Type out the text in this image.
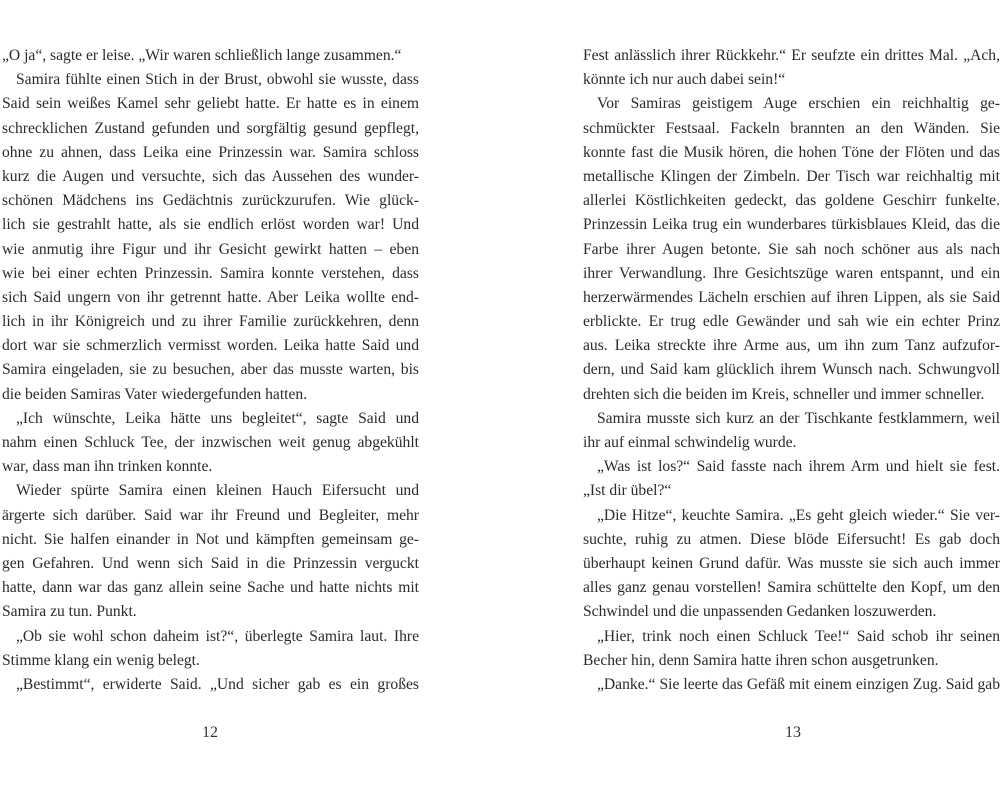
„O ja“, sagte er leise. „Wir waren schließlich lange zusammen.“
Samira fühlte einen Stich in der Brust, obwohl sie wusste, dass
Said sein weißes Kamel sehr geliebt hatte. Er hatte es in einem
schrecklichen Zustand gefunden und sorgfältig gesund gepflegt,
ohne zu ahnen, dass Leika eine Prinzessin war. Samira schloss
kurz die Augen und versuchte, sich das Aussehen des wunder-
schönen Mädchens ins Gedächtnis zurückzurufen. Wie glück-
lich sie gestrahlt hatte, als sie endlich erlöst worden war! Und
wie anmutig ihre Figur und ihr Gesicht gewirkt hatten – eben
wie bei einer echten Prinzessin. Samira konnte verstehen, dass
sich Said ungern von ihr getrennt hatte. Aber Leika wollte end-
lich in ihr Königreich und zu ihrer Familie zurückkehren, denn
dort war sie schmerzlich vermisst worden. Leika hatte Said und
Samira eingeladen, sie zu besuchen, aber das musste warten, bis
die beiden Samiras Vater wiedergefunden hatten.
„Ich wünschte, Leika hätte uns begleitet“, sagte Said und
nahm einen Schluck Tee, der inzwischen weit genug abgekühlt
war, dass man ihn trinken konnte.
Wieder spürte Samira einen kleinen Hauch Eifersucht und
ärgerte sich darüber. Said war ihr Freund und Begleiter, mehr
nicht. Sie halfen einander in Not und kämpften gemeinsam ge-
gen Gefahren. Und wenn sich Said in die Prinzessin verguckt
hatte, dann war das ganz allein seine Sache und hatte nichts mit
Samira zu tun. Punkt.
„Ob sie wohl schon daheim ist?“, überlegte Samira laut. Ihre
Stimme klang ein wenig belegt.
„Bestimmt“, erwiderte Said. „Und sicher gab es ein großes
12
Fest anlässlich ihrer Rückkehr.“ Er seufzte ein drittes Mal. „Ach,
könnte ich nur auch dabei sein!“
Vor Samiras geistigem Auge erschien ein reichhaltig ge-
schmückter Festsaal. Fackeln brannten an den Wänden. Sie
konnte fast die Musik hören, die hohen Töne der Flöten und das
metallische Klingen der Zimbeln. Der Tisch war reichhaltig mit
allerlei Köstlichkeiten gedeckt, das goldene Geschirr funkelte.
Prinzessin Leika trug ein wunderbares türkisblaues Kleid, das die
Farbe ihrer Augen betonte. Sie sah noch schöner aus als nach
ihrer Verwandlung. Ihre Gesichtszüge waren entspannt, und ein
herzerwärmendes Lächeln erschien auf ihren Lippen, als sie Said
erblickte. Er trug edle Gewänder und sah wie ein echter Prinz
aus. Leika streckte ihre Arme aus, um ihn zum Tanz aufzufor-
dern, und Said kam glücklich ihrem Wunsch nach. Schwungvoll
drehten sich die beiden im Kreis, schneller und immer schneller.
Samira musste sich kurz an der Tischkante festklammern, weil
ihr auf einmal schwindelig wurde.
„Was ist los?“ Said fasste nach ihrem Arm und hielt sie fest.
„Ist dir übel?“
„Die Hitze“, keuchte Samira. „Es geht gleich wieder.“ Sie ver-
suchte, ruhig zu atmen. Diese blöde Eifersucht! Es gab doch
überhaupt keinen Grund dafür. Was musste sie sich auch immer
alles ganz genau vorstellen! Samira schüttelte den Kopf, um den
Schwindel und die unpassenden Gedanken loszuwerden.
„Hier, trink noch einen Schluck Tee!“ Said schob ihr seinen
Becher hin, denn Samira hatte ihren schon ausgetrunken.
„Danke.“ Sie leerte das Gefäß mit einem einzigen Zug. Said gab
13
